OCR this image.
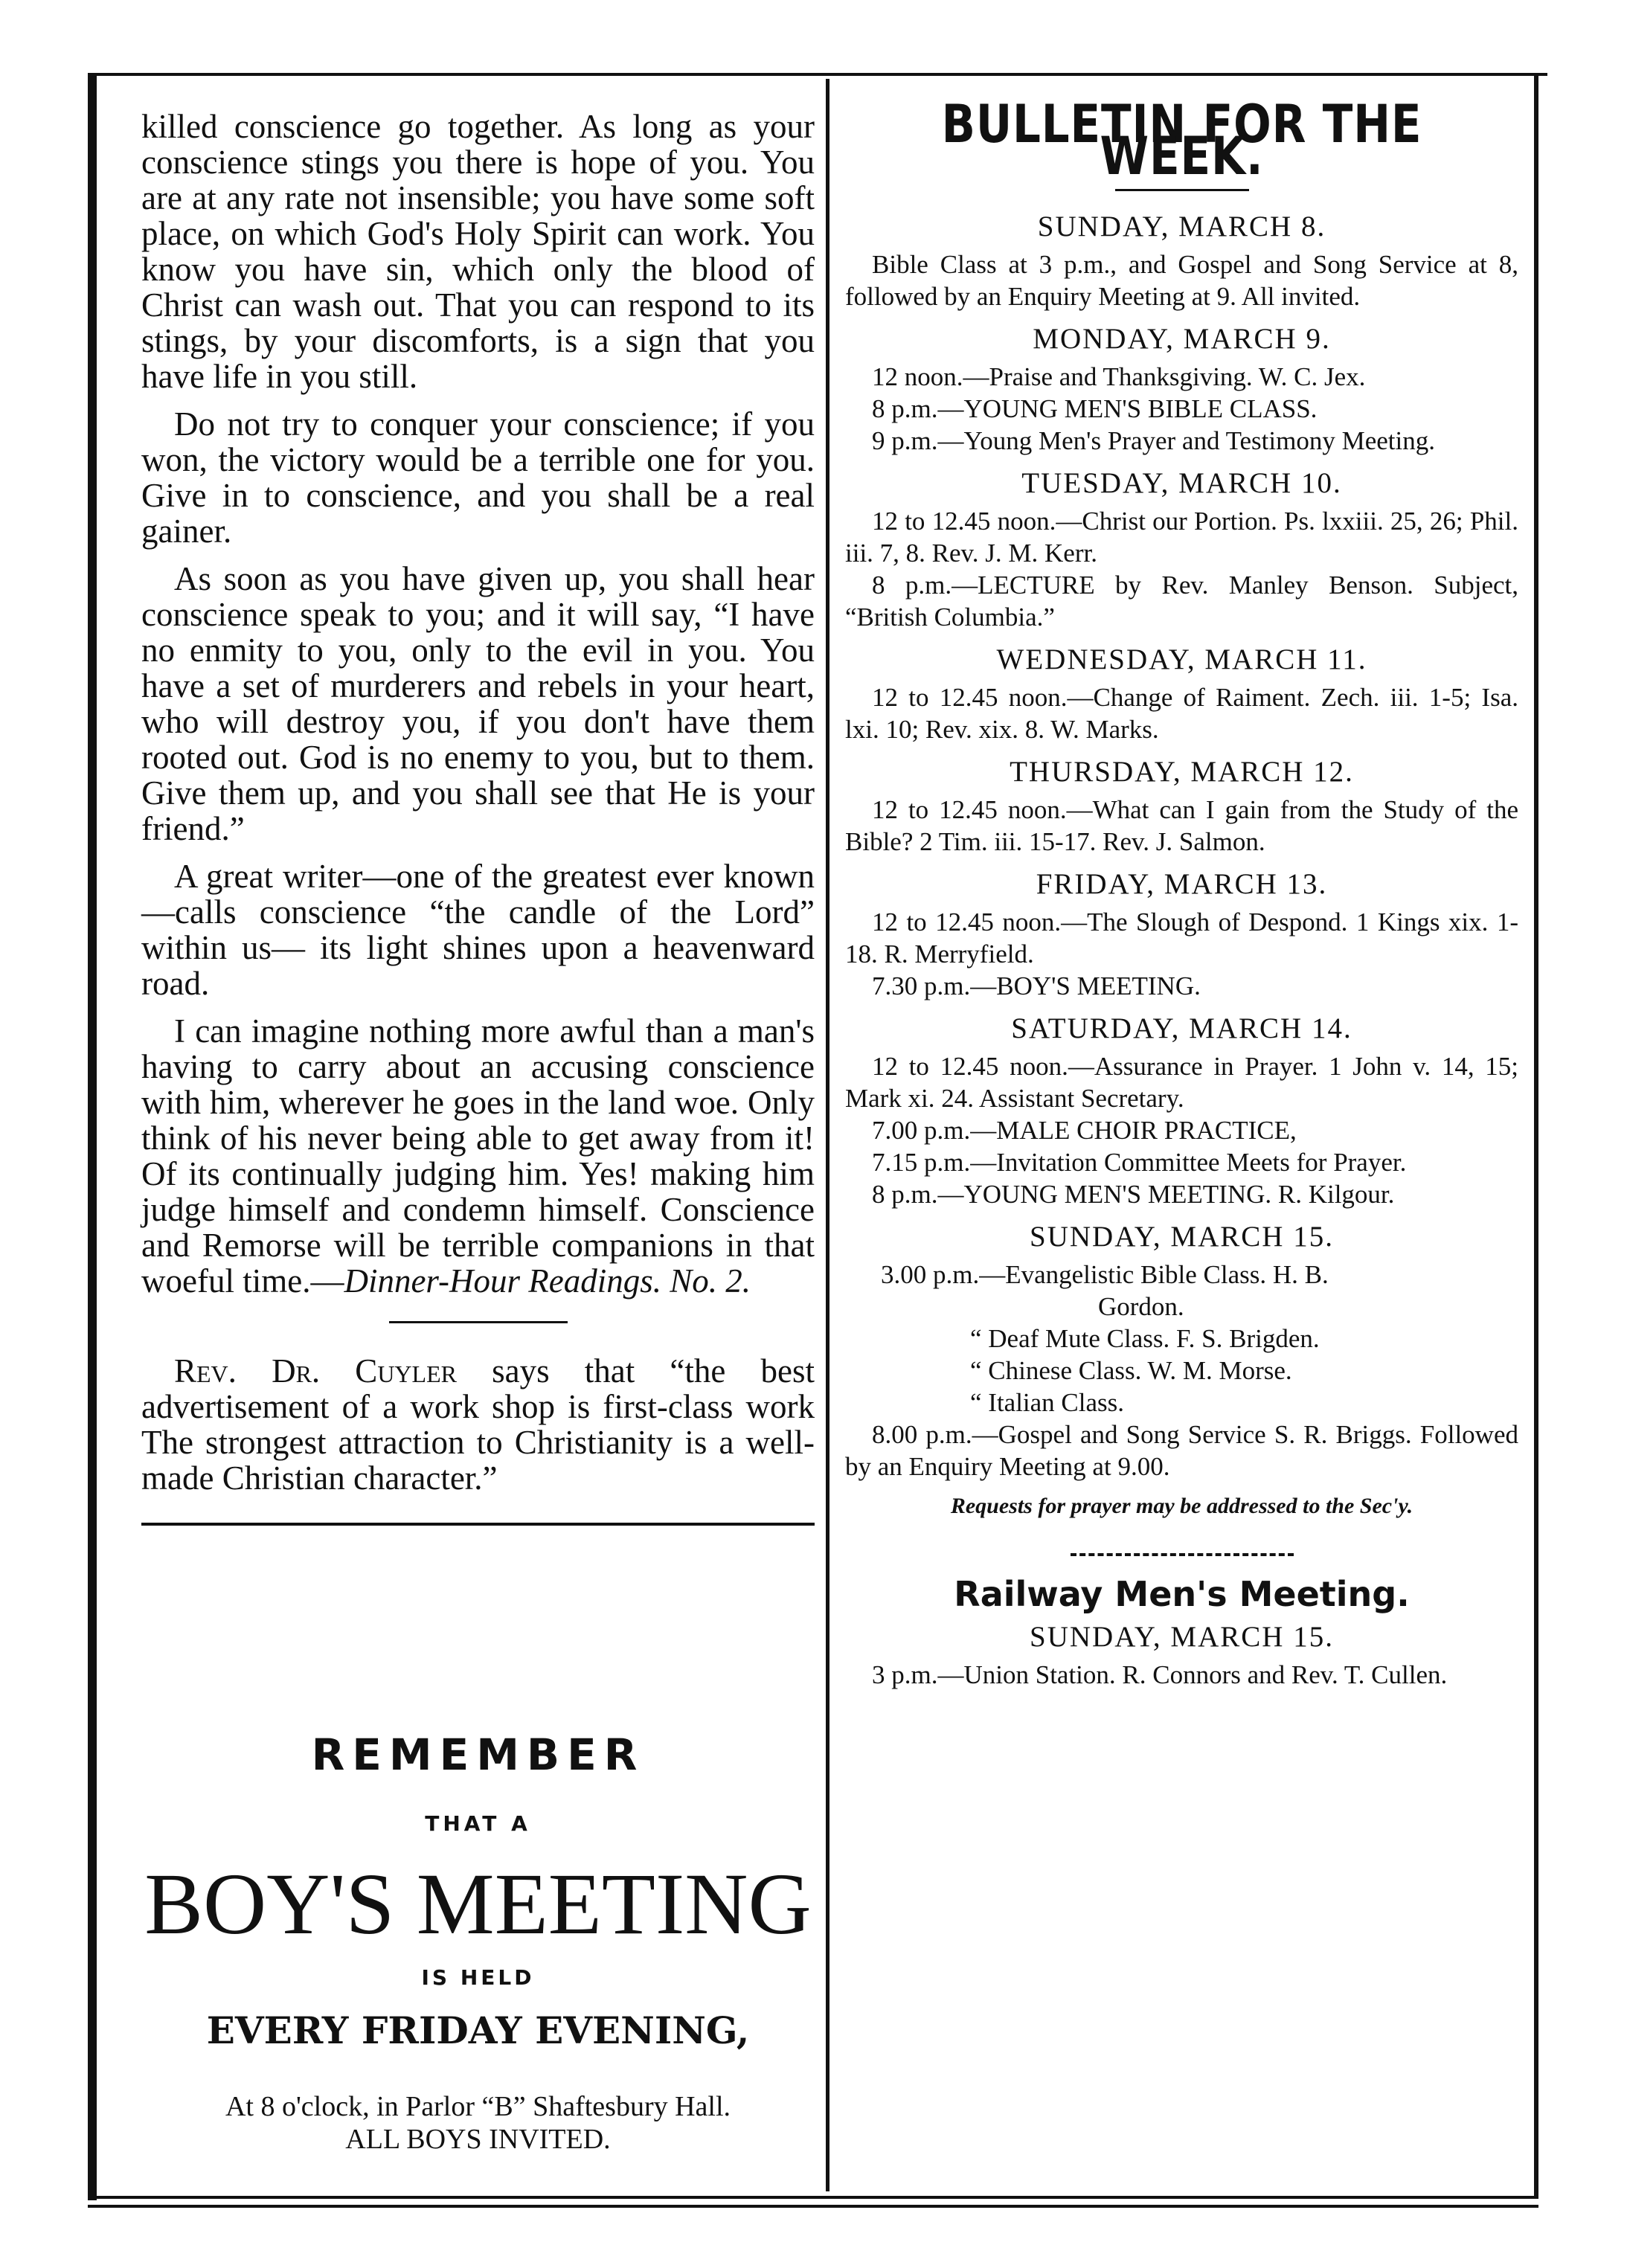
killed conscience go together. As long as your conscience stings you there is hope of you. You are at any rate not insensible; you have some soft place, on which God's Holy Spirit can work. You know you have sin, which only the blood of Christ can wash out. That you can respond to its stings, by your discomforts, is a sign that you have life in you still.

Do not try to conquer your conscience; if you won, the victory would be a terrible one for you. Give in to conscience, and you shall be a real gainer.

As soon as you have given up, you shall hear conscience speak to you; and it will say, “I have no enmity to you, only to the evil in you. You have a set of murderers and rebels in your heart, who will destroy you, if you don't have them rooted out. God is no enemy to you, but to them. Give them up, and you shall see that He is your friend.”

A great writer—one of the greatest ever known—calls conscience “the candle of the Lord” within us— its light shines upon a heavenward road.

I can imagine nothing more awful than a man's having to carry about an accusing conscience with him, wherever he goes in the land woe. Only think of his never being able to get away from it! Of its continually judging him. Yes! making him judge himself and condemn himself. Conscience and Remorse will be terrible companions in that woeful time.—Dinner-Hour Readings. No. 2.

Rev. Dr. Cuyler says that “the best advertisement of a work shop is first-class work The strongest attraction to Christianity is a well-made Christian character.”

REMEMBER
THAT A
BOY'S MEETING
IS HELD
EVERY FRIDAY EVENING,
At 8 o'clock, in Parlor “B” Shaftesbury Hall.
ALL BOYS INVITED.
BULLETIN FOR THE WEEK.
SUNDAY, MARCH 8.

Bible Class at 3 p.m., and Gospel and Song Service at 8, followed by an Enquiry Meeting at 9. All invited.

MONDAY, MARCH 9.

12 noon.—Praise and Thanksgiving. W. C. Jex.

8 p.m.—YOUNG MEN'S BIBLE CLASS.

9 p.m.—Young Men's Prayer and Testimony Meeting.

TUESDAY, MARCH 10.

12 to 12.45 noon.—Christ our Portion. Ps. lxxiii. 25, 26; Phil. iii. 7, 8. Rev. J. M. Kerr.

8 p.m.—LECTURE by Rev. Manley Benson. Subject, “British Columbia.”

WEDNESDAY, MARCH 11.

12 to 12.45 noon.—Change of Raiment. Zech. iii. 1-5; Isa. lxi. 10; Rev. xix. 8. W. Marks.

THURSDAY, MARCH 12.

12 to 12.45 noon.—What can I gain from the Study of the Bible? 2 Tim. iii. 15-17. Rev. J. Salmon.

FRIDAY, MARCH 13.

12 to 12.45 noon.—The Slough of Despond. 1 Kings xix. 1-18. R. Merryfield.

7.30 p.m.—BOY'S MEETING.

SATURDAY, MARCH 14.

12 to 12.45 noon.—Assurance in Prayer. 1 John v. 14, 15; Mark xi. 24. Assistant Secretary.

7.00 p.m.—MALE CHOIR PRACTICE,

7.15 p.m.—Invitation Committee Meets for Prayer.

8 p.m.—YOUNG MEN'S MEETING. R. Kilgour.

SUNDAY, MARCH 15.

3.00 p.m.—Evangelistic Bible Class. H. B.

Gordon.

“ Deaf Mute Class. F. S. Brigden.

“ Chinese Class. W. M. Morse.

“ Italian Class.

8.00 p.m.—Gospel and Song Service S. R. Briggs. Followed by an Enquiry Meeting at 9.00.

Requests for prayer may be addressed to the Sec'y.

Railway Men's Meeting.
SUNDAY, MARCH 15.

3 p.m.—Union Station. R. Connors and Rev. T. Cullen.
